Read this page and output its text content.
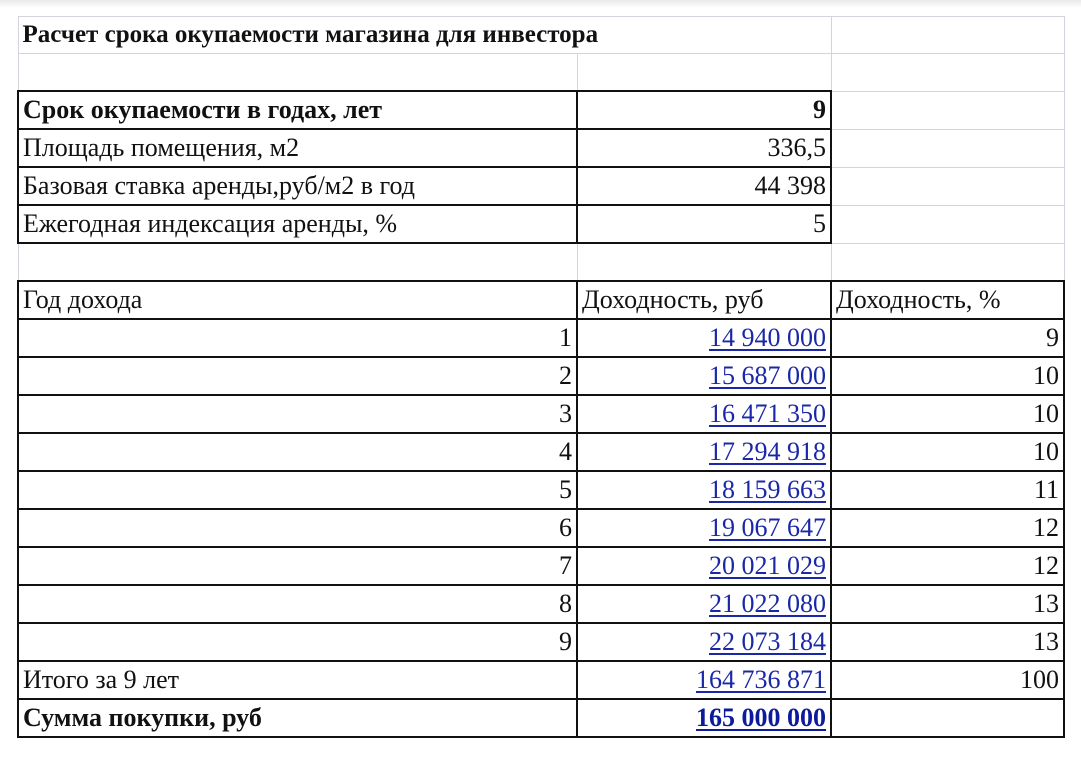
Расчет срока окупаемости магазина для инвестора		

Срок окупаемости в годах, лет	9	
Площадь помещения, м2	336,5	
Базовая ставка аренды,руб/м2 в год	44 398	
Ежегодная индексация аренды, %	5	

Год дохода	Доходность, руб	Доходность, %
1	14 940 000	9
2	15 687 000	10
3	16 471 350	10
4	17 294 918	10
5	18 159 663	11
6	19 067 647	12
7	20 021 029	12
8	21 022 080	13
9	22 073 184	13
Итого за 9 лет	164 736 871	100
Сумма покупки, руб	165 000 000	
